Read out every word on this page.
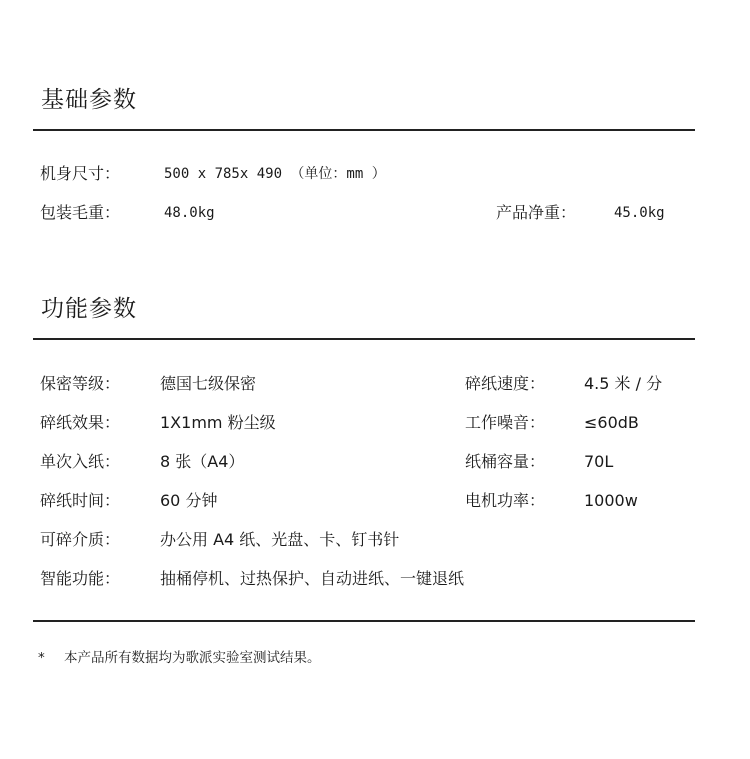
基础参数
机身尺寸：	500 x 785x 490 （单位：mm ）
包装毛重：	48.0kg	产品净重：	45.0kg
功能参数
保密等级： 德国七级保密	碎纸速度： 4.5 米 / 分
碎纸效果： 1X1mm 粉尘级	工作噪音： ≤60dB
单次入纸： 8 张（A4）	纸桶容量： 70L
碎纸时间： 60 分钟	电机功率： 1000w
可碎介质： 办公用 A4 纸、光盘、卡、钉书针
智能功能： 抽桶停机、过热保护、自动进纸、一键退纸
* 本产品所有数据均为歌派实验室测试结果。
